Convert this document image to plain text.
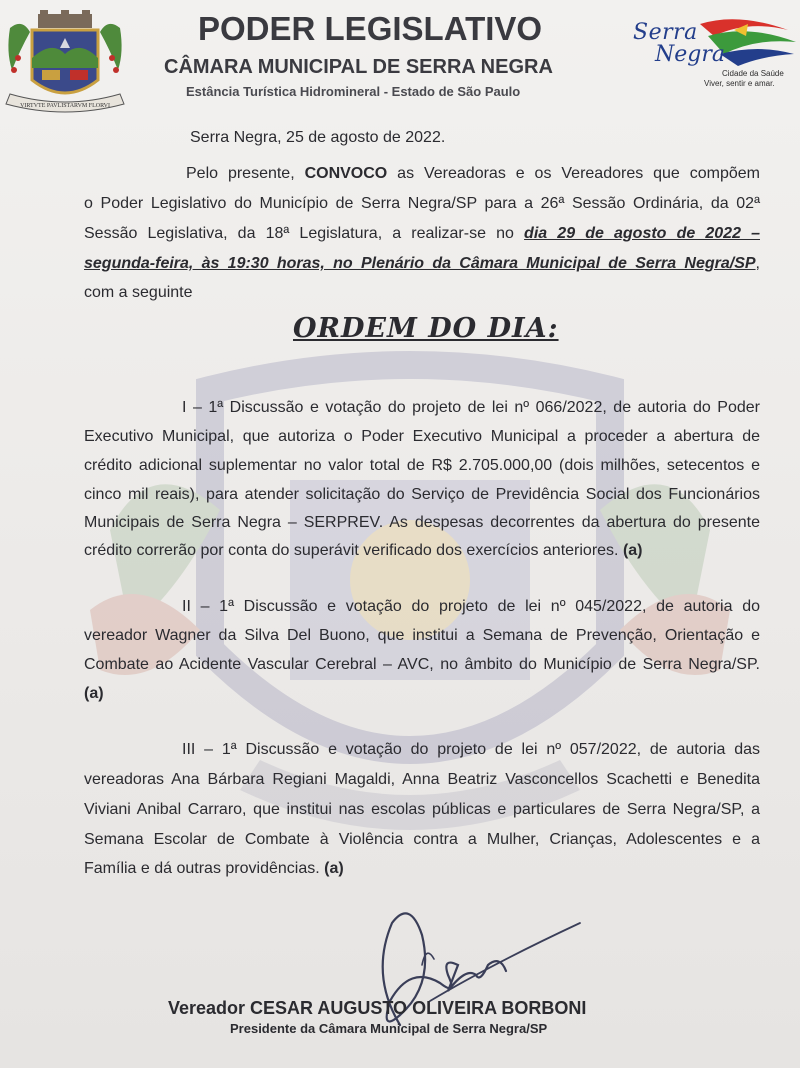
VIRTVTE PAVLISTARVM FLORVI
PODER LEGISLATIVO
CÂMARA MUNICIPAL DE SERRA NEGRA
Estância Turística Hidromineral - Estado de São Paulo
Serra
Negra
Cidade da Saúde
Viver, sentir e amar.
Serra Negra, 25 de agosto de 2022.
Pelo presente, CONVOCO as Vereadoras e os Vereadores que compõem
o Poder Legislativo do Município de Serra Negra/SP para a 26ª Sessão Ordinária, da 02ª
Sessão Legislativa, da 18ª Legislatura, a realizar-se no dia 29 de agosto de 2022 –
segunda-feira, às 19:30 horas, no Plenário da Câmara Municipal de Serra Negra/SP,
com a seguinte
ORDEM DO DIA:
I – 1ª Discussão e votação do projeto de lei nº 066/2022, de autoria do Poder
Executivo Municipal, que autoriza o Poder Executivo Municipal a proceder a abertura de
crédito adicional suplementar no valor total de R$ 2.705.000,00 (dois milhões, setecentos e
cinco mil reais), para atender solicitação do Serviço de Previdência Social dos Funcionários
Municipais de Serra Negra – SERPREV. As despesas decorrentes da abertura do presente
crédito correrão por conta do superávit verificado dos exercícios anteriores. (a)
II – 1ª Discussão e votação do projeto de lei nº 045/2022, de autoria do
vereador Wagner da Silva Del Buono, que institui a Semana de Prevenção, Orientação e
Combate ao Acidente Vascular Cerebral – AVC, no âmbito do Município de Serra Negra/SP.
(a)
III – 1ª Discussão e votação do projeto de lei nº 057/2022, de autoria das
vereadoras Ana Bárbara Regiani Magaldi, Anna Beatriz Vasconcellos Scachetti e Benedita
Viviani Anibal Carraro, que institui nas escolas públicas e particulares de Serra Negra/SP, a
Semana Escolar de Combate à Violência contra a Mulher, Crianças, Adolescentes e a
Família e dá outras providências. (a)
Vereador CESAR AUGUSTO OLIVEIRA BORBONI
Presidente da Câmara Municipal de Serra Negra/SP
